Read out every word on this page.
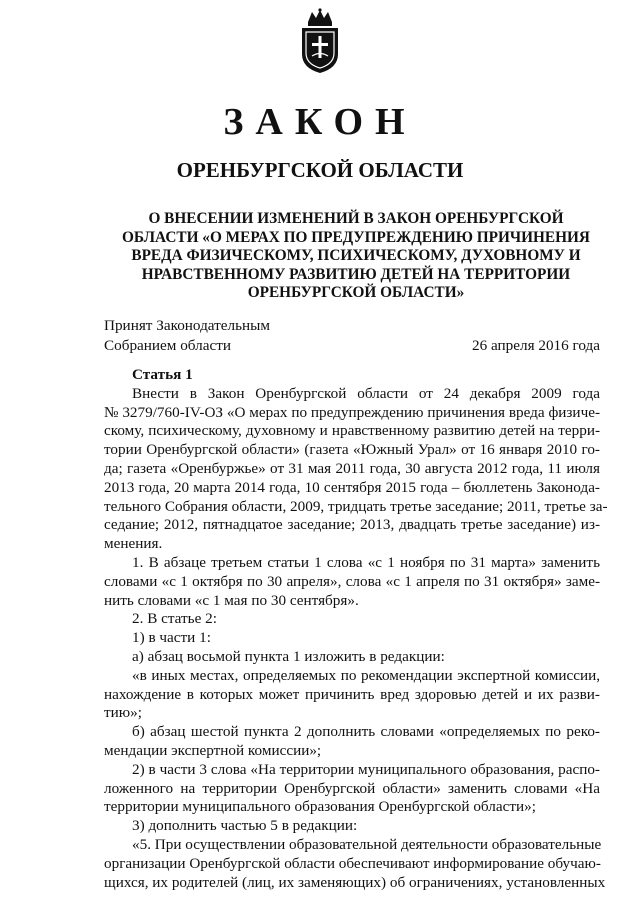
ЗАКОН
ОРЕНБУРГСКОЙ ОБЛАСТИ
О ВНЕСЕНИИ ИЗМЕНЕНИЙ В ЗАКОН ОРЕНБУРГСКОЙ
ОБЛАСТИ «О МЕРАХ ПО ПРЕДУПРЕЖДЕНИЮ ПРИЧИНЕНИЯ
ВРЕДА ФИЗИЧЕСКОМУ, ПСИХИЧЕСКОМУ, ДУХОВНОМУ И
НРАВСТВЕННОМУ РАЗВИТИЮ ДЕТЕЙ НА ТЕРРИТОРИИ
ОРЕНБУРГСКОЙ ОБЛАСТИ»
Принят Законодательным
Собранием области	26 апреля 2016 года
Статья 1
Внести в Закон Оренбургской области от 24 декабря 2009 года
№ 3279/760-IV-ОЗ «О мерах по предупреждению причинения вреда физиче-
скому, психическому, духовному и нравственному развитию детей на терри-
тории Оренбургской области» (газета «Южный Урал» от 16 января 2010 го-
да; газета «Оренбуржье» от 31 мая 2011 года, 30 августа 2012 года, 11 июля
2013 года, 20 марта 2014 года, 10 сентября 2015 года – бюллетень Законода-
тельного Собрания области, 2009, тридцать третье заседание; 2011, третье за-
седание; 2012, пятнадцатое заседание; 2013, двадцать третье заседание) из-
менения.
1. В абзаце третьем статьи 1 слова «с 1 ноября по 31 марта» заменить
словами «с 1 октября по 30 апреля», слова «с 1 апреля по 31 октября» заме-
нить словами «с 1 мая по 30 сентября».
2. В статье 2:
1) в части 1:
а) абзац восьмой пункта 1 изложить в редакции:
«в иных местах, определяемых по рекомендации экспертной комиссии,
нахождение в которых может причинить вред здоровью детей и их разви-
тию»;
б) абзац шестой пункта 2 дополнить словами «определяемых по реко-
мендации экспертной комиссии»;
2) в части 3 слова «На территории муниципального образования, распо-
ложенного на территории Оренбургской области» заменить словами «На
территории муниципального образования Оренбургской области»;
3) дополнить частью 5 в редакции:
«5. При осуществлении образовательной деятельности образовательные
организации Оренбургской области обеспечивают информирование обучаю-
щихся, их родителей (лиц, их заменяющих) об ограничениях, установленных
